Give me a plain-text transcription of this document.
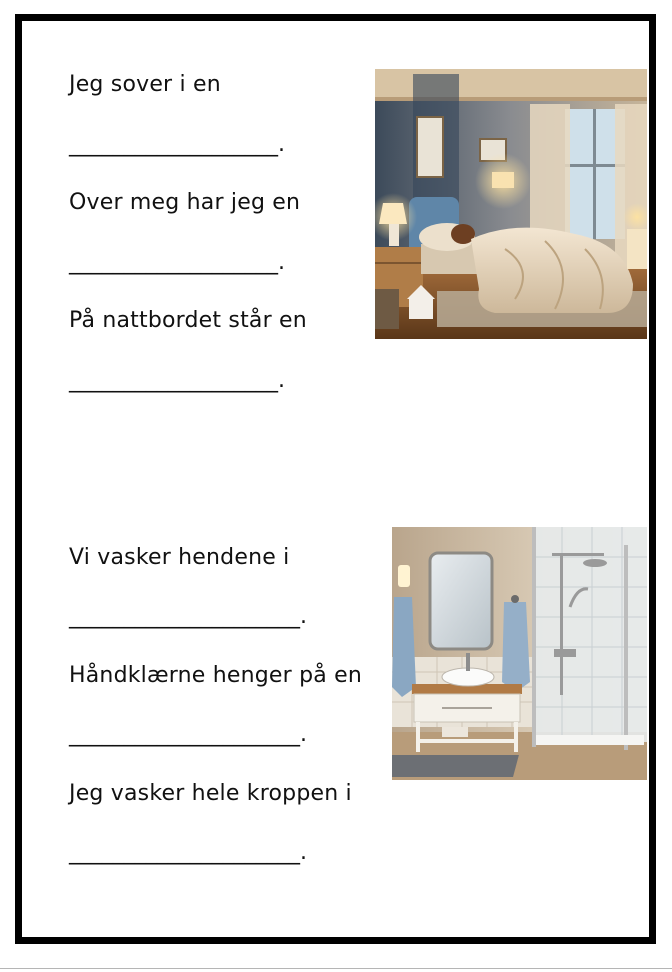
Jeg sover i en
___________________.
Over meg har jeg en
___________________.
På nattbordet står en
___________________.
Vi vasker hendene i
_____________________.
Håndklærne henger på en
_____________________.
Jeg vasker hele kroppen i
_____________________.
